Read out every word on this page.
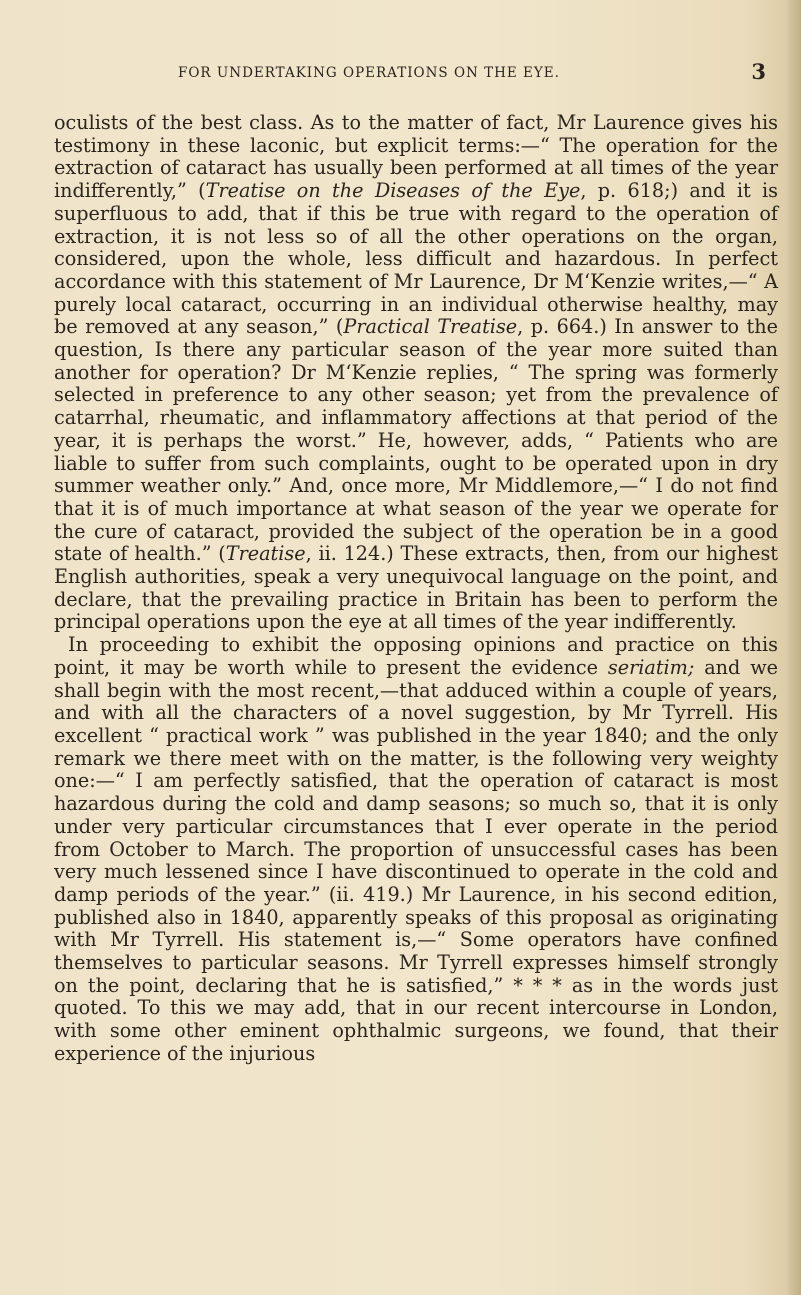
FOR UNDERTAKING OPERATIONS ON THE EYE.	3

oculists of the best class. As to the matter of fact, Mr Laurence gives his testimony in these laconic, but explicit terms:—“ The operation for the extraction of cataract has usually been performed at all times of the year indifferently,” (Treatise on the Diseases of the Eye, p. 618;) and it is superfluous to add, that if this be true with regard to the operation of extraction, it is not less so of all the other operations on the organ, considered, upon the whole, less difficult and hazardous. In perfect accordance with this statement of Mr Laurence, Dr M‘Kenzie writes,—“ A purely local cataract, occurring in an individual otherwise healthy, may be removed at any season,” (Practical Treatise, p. 664.) In answer to the question, Is there any particular season of the year more suited than another for operation? Dr M‘Kenzie replies, “ The spring was formerly selected in preference to any other season; yet from the prevalence of catarrhal, rheumatic, and inflammatory affections at that period of the year, it is perhaps the worst.” He, however, adds, “ Patients who are liable to suffer from such complaints, ought to be operated upon in dry summer weather only.” And, once more, Mr Middlemore,—“ I do not find that it is of much importance at what season of the year we operate for the cure of cataract, provided the subject of the operation be in a good state of health.” (Treatise, ii. 124.) These extracts, then, from our highest English authorities, speak a very unequivocal language on the point, and declare, that the prevailing practice in Britain has been to perform the principal operations upon the eye at all times of the year indifferently.

In proceeding to exhibit the opposing opinions and practice on this point, it may be worth while to present the evidence seriatim; and we shall begin with the most recent,—that adduced within a couple of years, and with all the characters of a novel suggestion, by Mr Tyrrell. His excellent “ practical work ” was published in the year 1840; and the only remark we there meet with on the matter, is the following very weighty one:—“ I am perfectly satisfied, that the operation of cataract is most hazardous during the cold and damp seasons; so much so, that it is only under very particular circumstances that I ever operate in the period from October to March. The proportion of unsuccessful cases has been very much lessened since I have discontinued to operate in the cold and damp periods of the year.” (ii. 419.) Mr Laurence, in his second edition, published also in 1840, apparently speaks of this proposal as originating with Mr Tyrrell. His statement is,—“ Some operators have confined themselves to particular seasons. Mr Tyrrell expresses himself strongly on the point, declaring that he is satisfied,” * * * as in the words just quoted. To this we may add, that in our recent intercourse in London, with some other eminent ophthalmic surgeons, we found, that their experience of the injurious
